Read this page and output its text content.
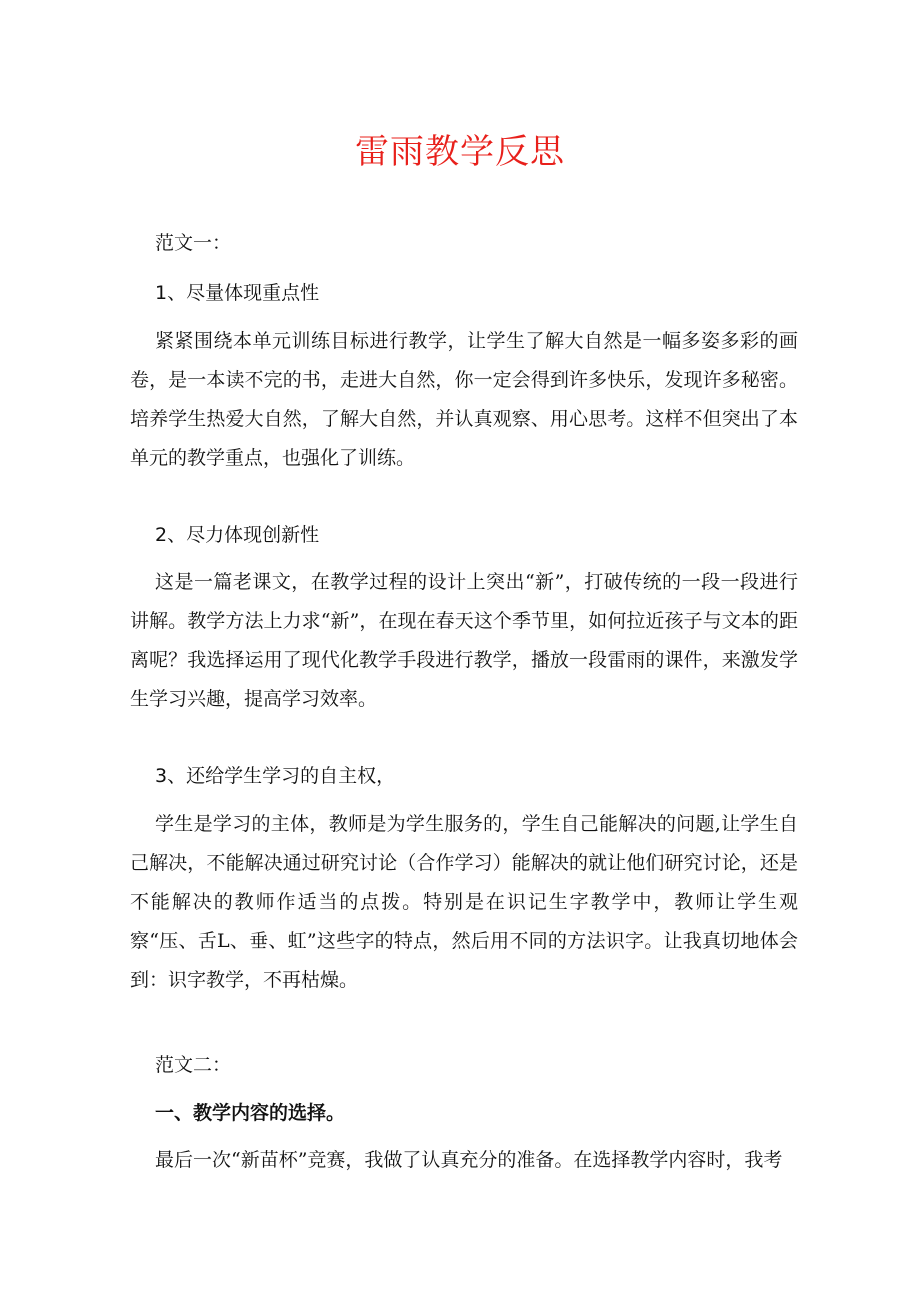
雷雨教学反思

范文一：

1、尽量体现重点性

紧紧围绕本单元训练目标进行教学，让学生了解大自然是一幅多姿多彩的画卷，是一本读不完的书，走进大自然，你一定会得到许多快乐，发现许多秘密。培养学生热爱大自然，了解大自然，并认真观察、用心思考。这样不但突出了本单元的教学重点，也强化了训练。

2、尽力体现创新性

这是一篇老课文，在教学过程的设计上突出“新”，打破传统的一段一段进行讲解。教学方法上力求“新”，在现在春天这个季节里，如何拉近孩子与文本的距离呢？我选择运用了现代化教学手段进行教学，播放一段雷雨的课件，来激发学生学习兴趣，提高学习效率。

3、还给学生学习的自主权，

学生是学习的主体，教师是为学生服务的，学生自己能解决的问题,让学生自己解决，不能解决通过研究讨论（合作学习）能解决的就让他们研究讨论，还是不能解决的教师作适当的点拨。特别是在识记生字教学中，教师让学生观察“压、舌L、垂、虹”这些字的特点，然后用不同的方法识字。让我真切地体会到：识字教学，不再枯燥。

范文二：

一、教学内容的选择。

最后一次“新苗杯”竞赛，我做了认真充分的准备。在选择教学内容时，我考
